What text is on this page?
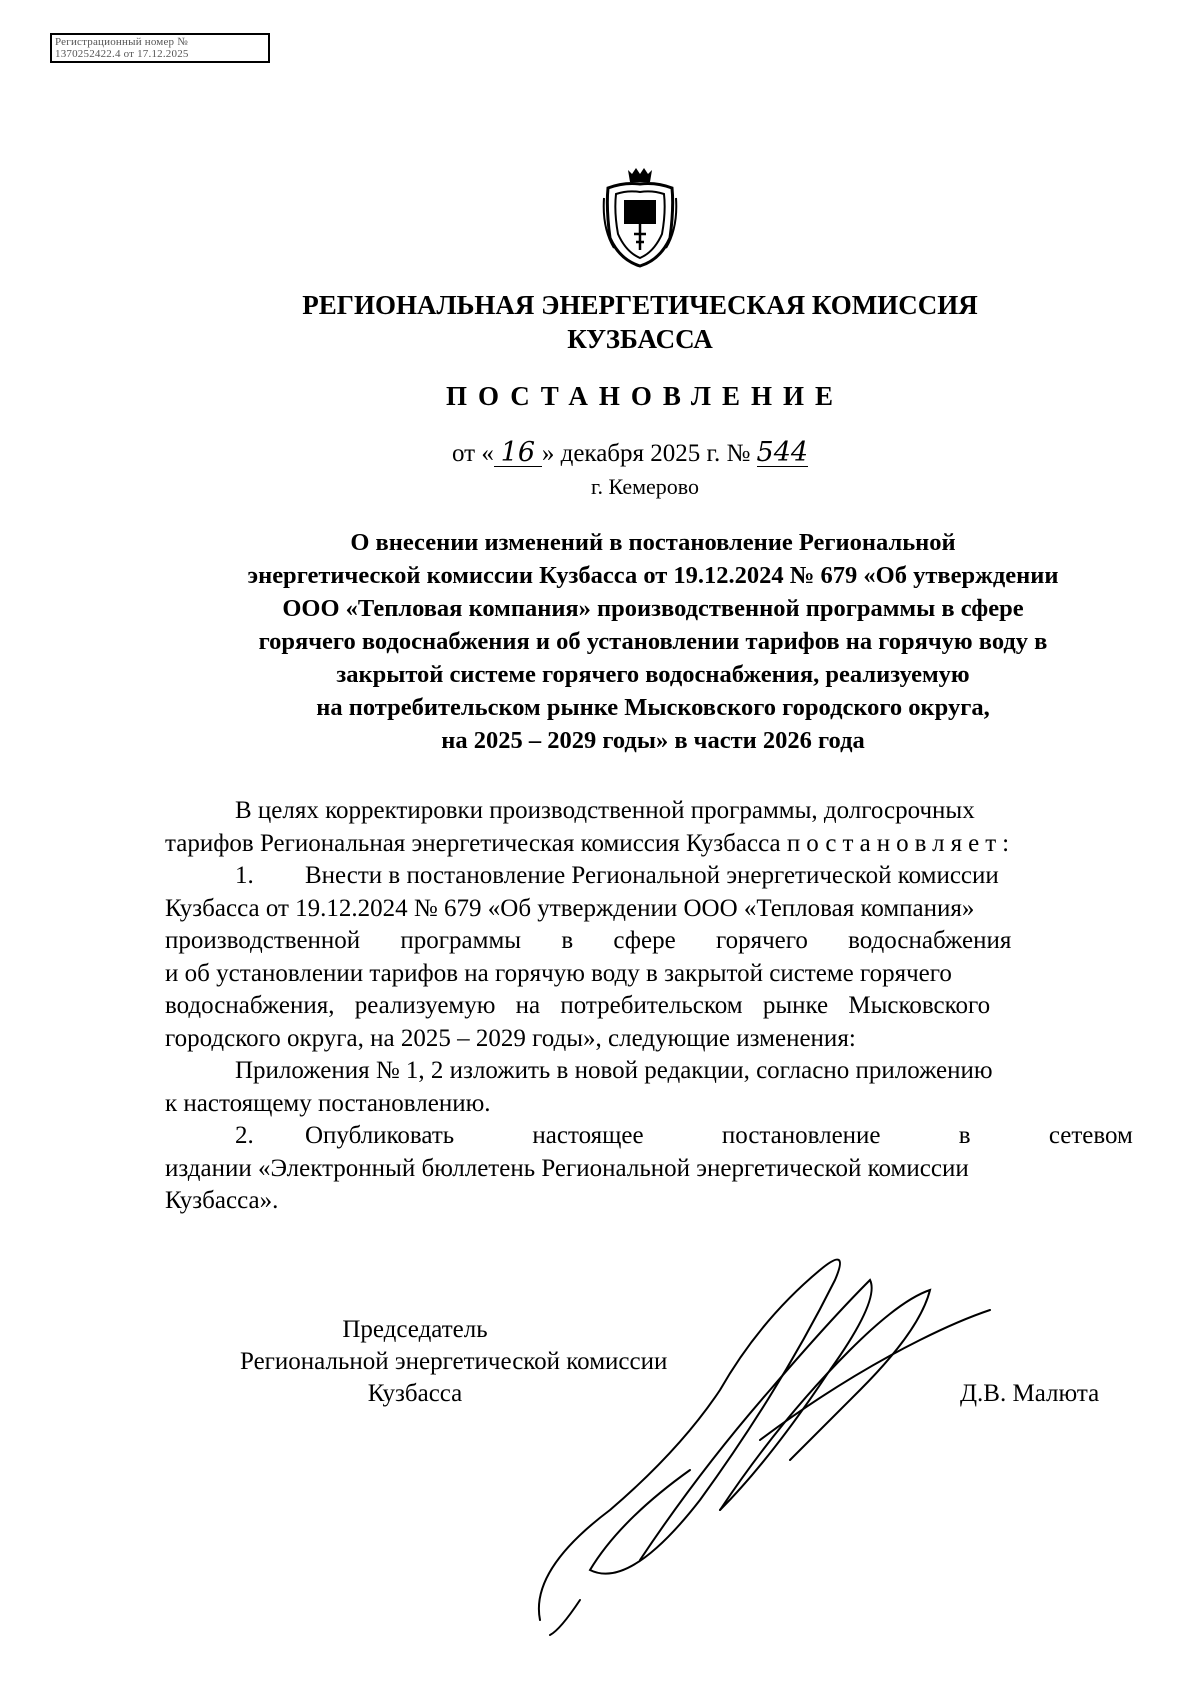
Регистрационный номер №
1370252422.4 от 17.12.2025
РЕГИОНАЛЬНАЯ ЭНЕРГЕТИЧЕСКАЯ КОМИССИЯ
КУЗБАССА
ПОСТАНОВЛЕНИЕ
от « 16 » декабря 2025 г. № 544
г. Кемерово
О внесении изменений в постановление Региональной
энергетической комиссии Кузбасса от 19.12.2024 № 679 «Об утверждении
ООО «Тепловая компания» производственной программы в сфере
горячего водоснабжения и об установлении тарифов на горячую воду в
закрытой системе горячего водоснабжения, реализуемую
на потребительском рынке Мысковского городского округа,
на 2025 – 2029 годы» в части 2026 года
В целях корректировки производственной программы, долгосрочных
тарифов Региональная энергетическая комиссия Кузбасса постановляет:
1. Внести в постановление Региональной энергетической комиссии
Кузбасса от 19.12.2024 № 679 «Об утверждении ООО «Тепловая компания»
производственной программы в сфере горячего водоснабжения
и об установлении тарифов на горячую воду в закрытой системе горячего
водоснабжения, реализуемую на потребительском рынке Мысковского
городского округа, на 2025 – 2029 годы», следующие изменения:
Приложения № 1, 2 изложить в новой редакции, согласно приложению
к настоящему постановлению.
2. Опубликовать настоящее постановление в сетевом
издании «Электронный бюллетень Региональной энергетической комиссии
Кузбасса».
Председатель
Региональной энергетической комиссии
Кузбасса	Д.В. Малюта
